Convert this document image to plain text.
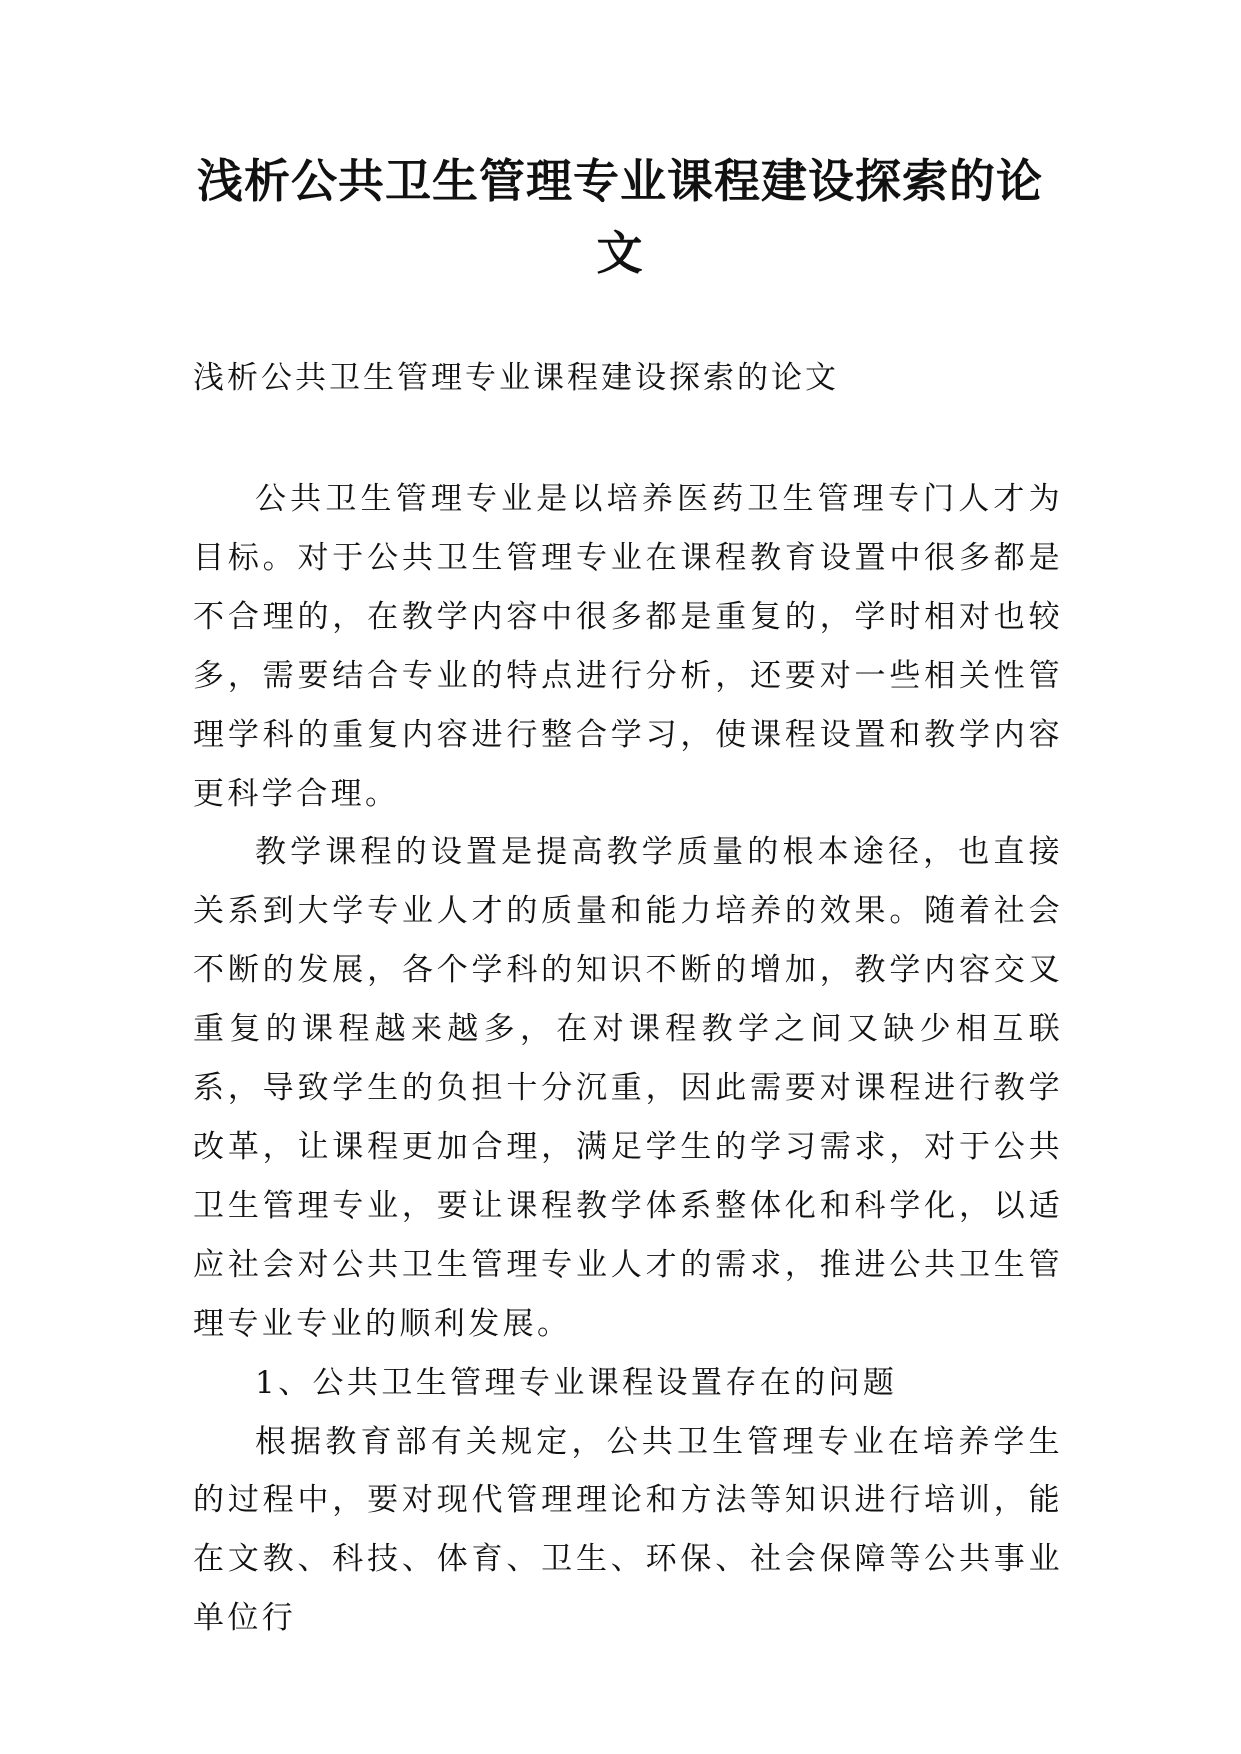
浅析公共卫生管理专业课程建设探索的论文

浅析公共卫生管理专业课程建设探索的论文

公共卫生管理专业是以培养医药卫生管理专门人才为目标。对于公共卫生管理专业在课程教育设置中很多都是不合理的，在教学内容中很多都是重复的，学时相对也较多，需要结合专业的特点进行分析，还要对一些相关性管理学科的重复内容进行整合学习，使课程设置和教学内容更科学合理。

教学课程的设置是提高教学质量的根本途径，也直接关系到大学专业人才的质量和能力培养的效果。随着社会不断的发展，各个学科的知识不断的增加，教学内容交叉重复的课程越来越多，在对课程教学之间又缺少相互联系，导致学生的负担十分沉重，因此需要对课程进行教学改革，让课程更加合理，满足学生的学习需求，对于公共卫生管理专业，要让课程教学体系整体化和科学化，以适应社会对公共卫生管理专业人才的需求，推进公共卫生管理专业专业的顺利发展。

1、公共卫生管理专业课程设置存在的问题

根据教育部有关规定，公共卫生管理专业在培养学生的过程中，要对现代管理理论和方法等知识进行培训，能在文教、科技、体育、卫生、环保、社会保障等公共事业单位行
